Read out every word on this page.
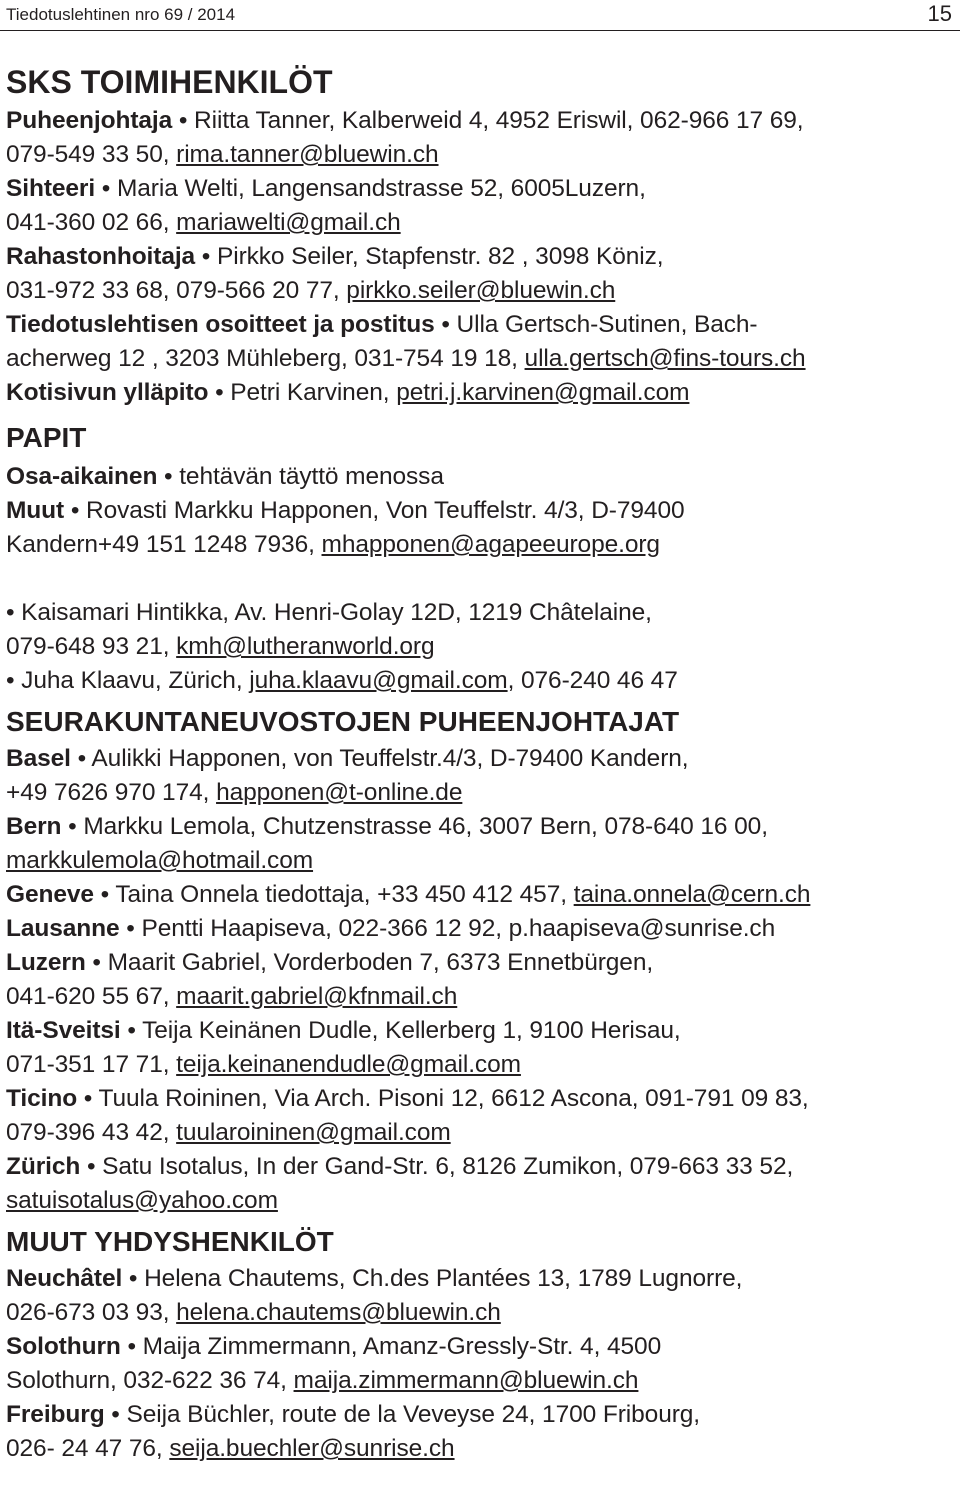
Tiedotuslehtinen nro 69 / 2014	15
SKS TOIMIHENKILÖT
Puheenjohtaja • Riitta Tanner, Kalberweid 4, 4952 Eriswil, 062-966 17 69,
079-549 33 50, rima.tanner@bluewin.ch
Sihteeri • Maria Welti, Langensandstrasse 52, 6005Luzern,
041-360 02 66, mariawelti@gmail.ch
Rahastonhoitaja • Pirkko Seiler, Stapfenstr. 82 , 3098 Köniz,
031-972 33 68, 079-566 20 77, pirkko.seiler@bluewin.ch
Tiedotuslehtisen osoitteet ja postitus • Ulla Gertsch-Sutinen, Bach-
acherweg 12 , 3203 Mühleberg, 031-754 19 18, ulla.gertsch@fins-tours.ch
Kotisivun ylläpito • Petri Karvinen, petri.j.karvinen@gmail.com
PAPIT
Osa-aikainen • tehtävän täyttö menossa
Muut • Rovasti Markku Happonen, Von Teuffelstr. 4/3, D-79400
Kandern+49 151 1248 7936, mhapponen@agapeeurope.org
• Kaisamari Hintikka, Av. Henri-Golay 12D, 1219 Châtelaine,
079-648 93 21, kmh@lutheranworld.org
• Juha Klaavu, Zürich, juha.klaavu@gmail.com, 076-240 46 47
SEURAKUNTANEUVOSTOJEN PUHEENJOHTAJAT
Basel • Aulikki Happonen, von Teuffelstr.4/3, D-79400 Kandern,
+49 7626 970 174, happonen@t-online.de
Bern • Markku Lemola, Chutzenstrasse 46, 3007 Bern, 078-640 16 00,
markkulemola@hotmail.com
Geneve • Taina Onnela tiedottaja, +33 450 412 457, taina.onnela@cern.ch
Lausanne • Pentti Haapiseva, 022-366 12 92, p.haapiseva@sunrise.ch
Luzern • Maarit Gabriel, Vorderboden 7, 6373 Ennetbürgen,
041-620 55 67, maarit.gabriel@kfnmail.ch
Itä-Sveitsi • Teija Keinänen Dudle, Kellerberg 1, 9100 Herisau,
071-351 17 71, teija.keinanendudle@gmail.com
Ticino • Tuula Roininen, Via Arch. Pisoni 12, 6612 Ascona, 091-791 09 83,
079-396 43 42, tuularoininen@gmail.com
Zürich • Satu Isotalus, In der Gand-Str. 6, 8126 Zumikon, 079-663 33 52,
satuisotalus@yahoo.com
MUUT YHDYSHENKILÖT
Neuchâtel • Helena Chautems, Ch.des Plantées 13, 1789 Lugnorre,
026-673 03 93, helena.chautems@bluewin.ch
Solothurn • Maija Zimmermann, Amanz-Gressly-Str. 4, 4500
Solothurn, 032-622 36 74, maija.zimmermann@bluewin.ch
Freiburg • Seija Büchler, route de la Veveyse 24, 1700 Fribourg,
026- 24 47 76, seija.buechler@sunrise.ch
